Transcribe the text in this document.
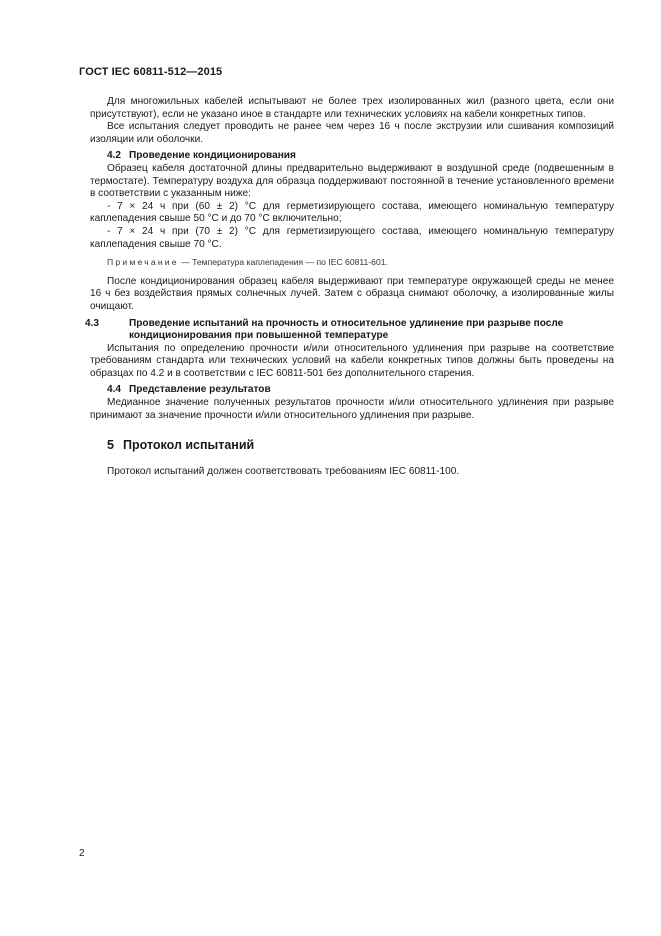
ГОСТ IEC 60811-512—2015

Для многожильных кабелей испытывают не более трех изолированных жил (разного цвета, если они присутствуют), если не указано иное в стандарте или технических условиях на кабели конкретных типов.

Все испытания следует проводить не ранее чем через 16 ч после экструзии или сшивания композиций изоляции или оболочки.

4.2 Проведение кондиционирования

Образец кабеля достаточной длины предварительно выдерживают в воздушной среде (подвешенным в термостате). Температуру воздуха для образца поддерживают постоянной в течение установленного времени в соответствии с указанным ниже:

- 7 × 24 ч при (60 ± 2) °С для герметизирующего состава, имеющего номинальную температуру каплепадения свыше 50 °С и до 70 °С включительно;

- 7 × 24 ч при (70 ± 2) °С для герметизирующего состава, имеющего номинальную температуру каплепадения свыше 70 °С.

Примечание — Температура каплепадения — по IEC 60811-601.

После кондиционирования образец кабеля выдерживают при температуре окружающей среды не менее 16 ч без воздействия прямых солнечных лучей. Затем с образца снимают оболочку, а изолированные жилы очищают.

4.3	Проведение испытаний на прочность и относительное удлинение при разрыве после кондиционирования при повышенной температуре

Испытания по определению прочности и/или относительного удлинения при разрыве на соответствие требованиям стандарта или технических условий на кабели конкретных типов должны быть проведены на образцах по 4.2 и в соответствии с IEC 60811-501 без дополнительного старения.

4.4 Представление результатов

Медианное значение полученных результатов прочности и/или относительного удлинения при разрыве принимают за значение прочности и/или относительного удлинения при разрыве.

5 Протокол испытаний

Протокол испытаний должен соответствовать требованиям IEC 60811-100.

2
